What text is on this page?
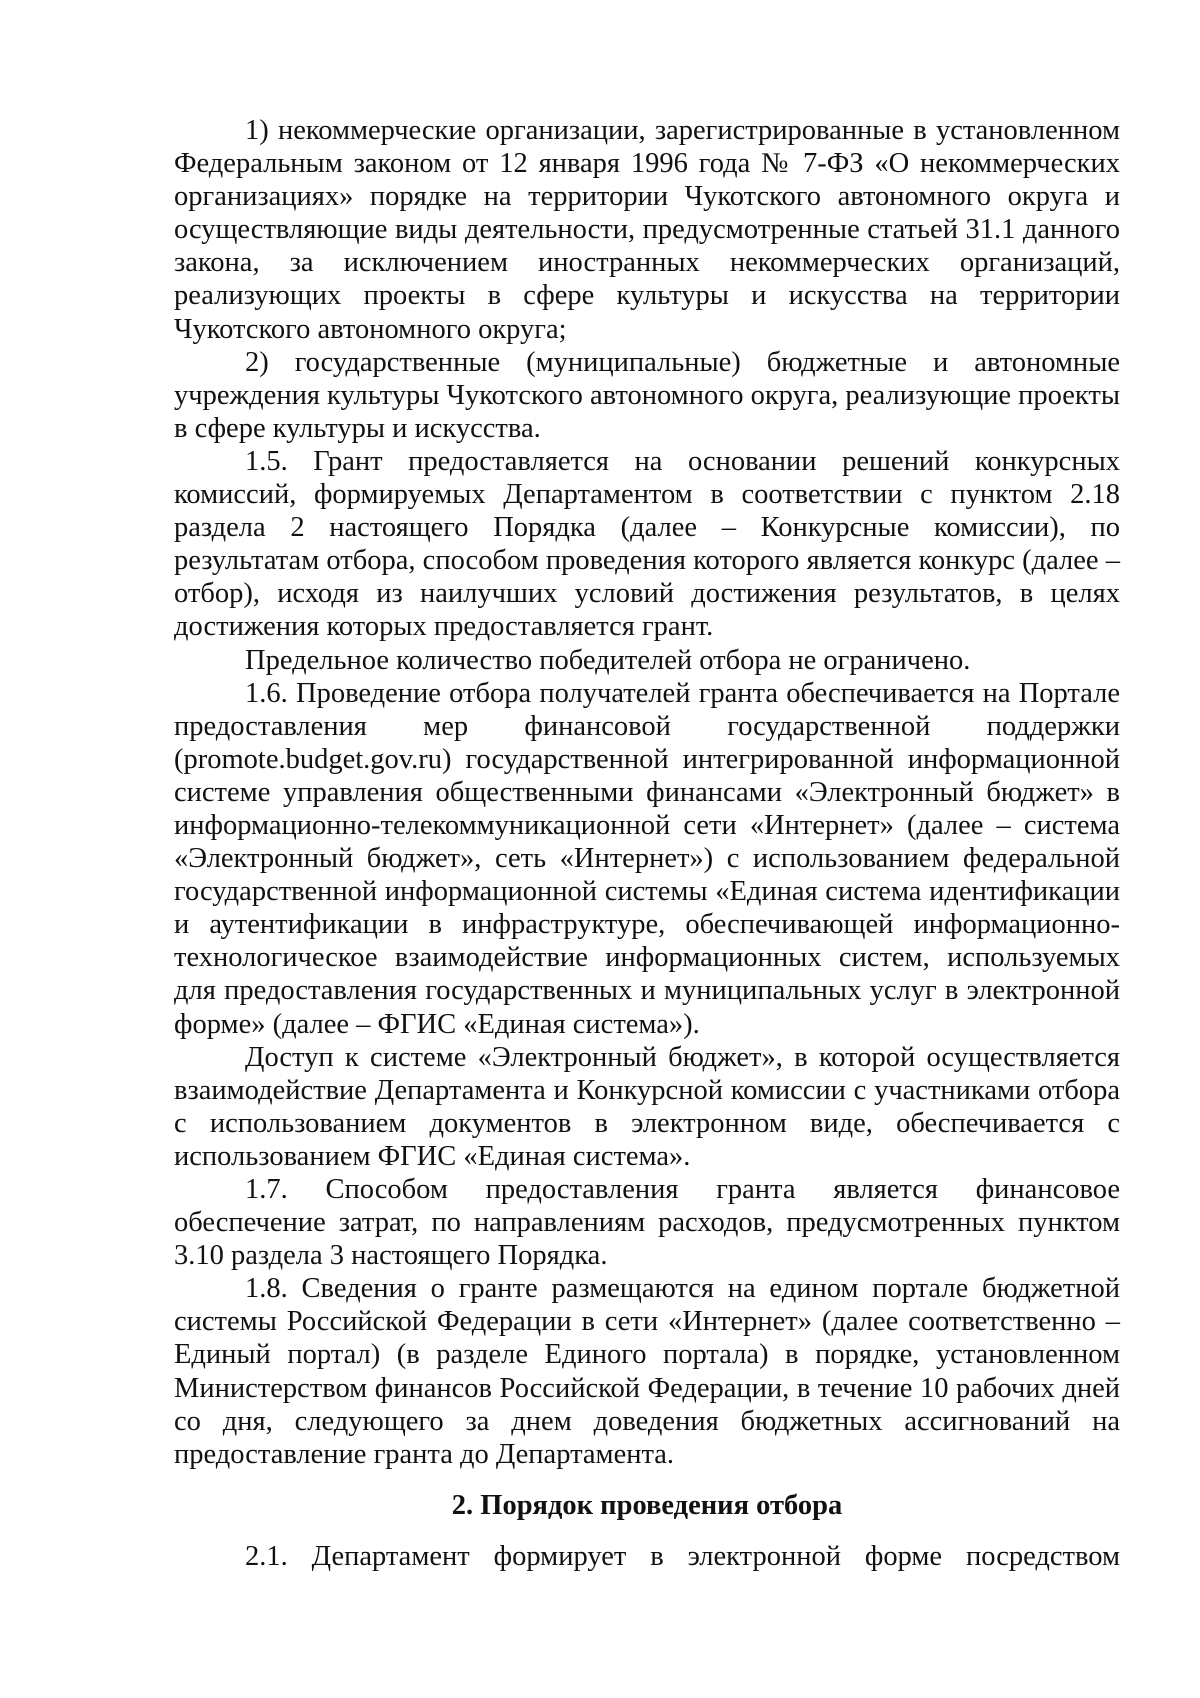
1) некоммерческие организации, зарегистрированные в установленном Федеральным законом от 12 января 1996 года № 7-ФЗ «О некоммерческих организациях» порядке на территории Чукотского автономного округа и осуществляющие виды деятельности, предусмотренные статьей 31.1 данного закона, за исключением иностранных некоммерческих организаций, реализующих проекты в сфере культуры и искусства на территории Чукотского автономного округа;

2) государственные (муниципальные) бюджетные и автономные учреждения культуры Чукотского автономного округа, реализующие проекты в сфере культуры и искусства.

1.5. Грант предоставляется на основании решений конкурсных комиссий, формируемых Департаментом в соответствии с пунктом 2.18 раздела 2 настоящего Порядка (далее – Конкурсные комиссии), по результатам отбора, способом проведения которого является конкурс (далее – отбор), исходя из наилучших условий достижения результатов, в целях достижения которых предоставляется грант.

Предельное количество победителей отбора не ограничено.

1.6. Проведение отбора получателей гранта обеспечивается на Портале предоставления мер финансовой государственной поддержки (promote.budget.gov.ru) государственной интегрированной информационной системе управления общественными финансами «Электронный бюджет» в информационно-телекоммуникационной сети «Интернет» (далее – система «Электронный бюджет», сеть «Интернет») с использованием федеральной государственной информационной системы «Единая система идентификации и аутентификации в инфраструктуре, обеспечивающей информационно-технологическое взаимодействие информационных систем, используемых для предоставления государственных и муниципальных услуг в электронной форме» (далее – ФГИС «Единая система»).

Доступ к системе «Электронный бюджет», в которой осуществляется взаимодействие Департамента и Конкурсной комиссии с участниками отбора с использованием документов в электронном виде, обеспечивается с использованием ФГИС «Единая система».

1.7. Способом предоставления гранта является финансовое обеспечение затрат, по направлениям расходов, предусмотренных пунктом 3.10 раздела 3 настоящего Порядка.

1.8. Сведения о гранте размещаются на едином портале бюджетной системы Российской Федерации в сети «Интернет» (далее соответственно – Единый портал) (в разделе Единого портала) в порядке, установленном Министерством финансов Российской Федерации, в течение 10 рабочих дней со дня, следующего за днем доведения бюджетных ассигнований на предоставление гранта до Департамента.

2. Порядок проведения отбора

2.1. Департамент формирует в электронной форме посредством
